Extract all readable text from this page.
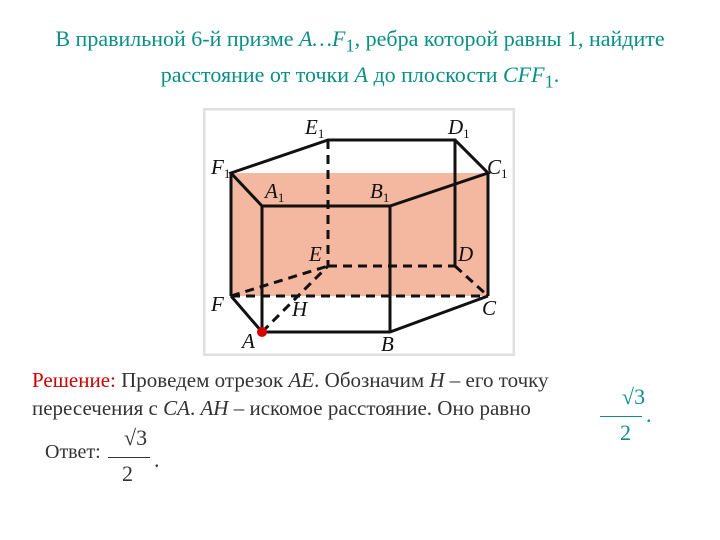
В правильной 6-й призме $A\dots F_1$, ребра которой равны 1, найдите
расстояние от точки A до плоскости $CFF_1$.
E1	D1
F1	C1
A1	B1
E	D
F	C
H
A	B
Решение: Проведем отрезок AE. Обозначим H – его точку
пересечения с CA. AH – искомое расстояние. Оно равно	√3
2
.
Ответ:
√3
2
.
